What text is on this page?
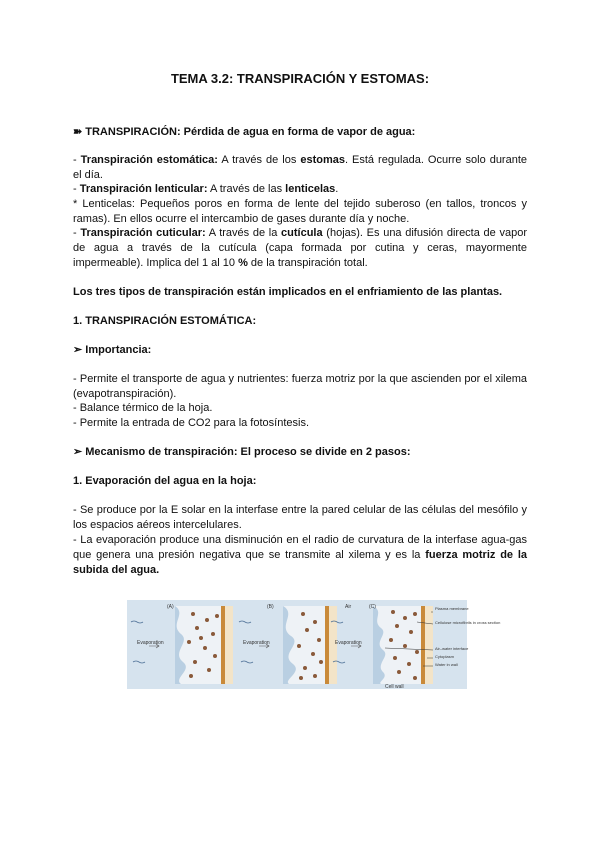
TEMA 3.2: TRANSPIRACIÓN Y ESTOMAS:

➽ TRANSPIRACIÓN: Pérdida de agua en forma de vapor de agua:

- Transpiración estomática: A través de los estomas. Está regulada. Ocurre solo durante el día.

- Transpiración lenticular: A través de las lenticelas.

* Lenticelas: Pequeños poros en forma de lente del tejido suberoso (en tallos, troncos y ramas). En ellos ocurre el intercambio de gases durante día y noche.

- Transpiración cuticular: A través de la cutícula (hojas). Es una difusión directa de vapor de agua a través de la cutícula (capa formada por cutina y ceras, mayormente impermeable). Implica del 1 al 10 % de la transpiración total.

Los tres tipos de transpiración están implicados en el enfriamiento de las plantas.

1. TRANSPIRACIÓN ESTOMÁTICA:

➢ Importancia:

- Permite el transporte de agua y nutrientes: fuerza motriz por la que ascienden por el xilema (evapotranspiración).

- Balance térmico de la hoja.

- Permite la entrada de CO2 para la fotosíntesis.

➢ Mecanismo de transpiración: El proceso se divide en 2 pasos:

1. Evaporación del agua en la hoja:

- Se produce por la E solar en la interfase entre la pared celular de las células del mesófilo y los espacios aéreos intercelulares.

- La evaporación produce una disminución en el radio de curvatura de la interfase agua-gas que genera una presión negativa que se transmite al xilema y es la fuerza motriz de la subida del agua.

(A)
Evaporation
(B)
Evaporation
(C)
Air
Evaporation
Cell wall
Plasma membrane
Cellulose microfibrils in cross section
Air–water interface
Cytoplasm
Water in wall
